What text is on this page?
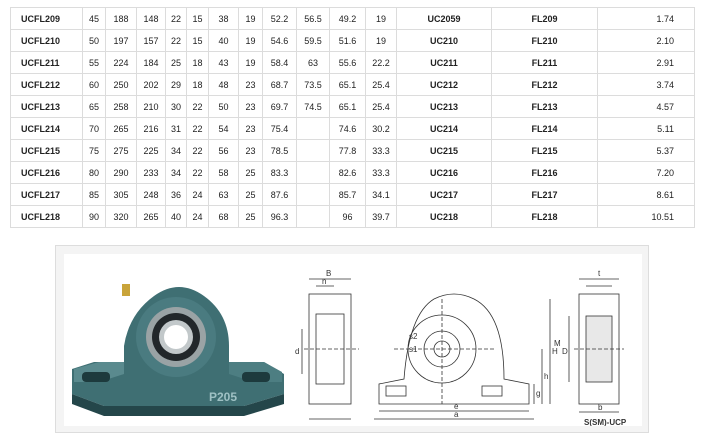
UCFL209	45	188	148	22	15	38	19	52.2	56.5	49.2	19	UC2059	FL209	1.74
UCFL210	50	197	157	22	15	40	19	54.6	59.5	51.6	19	UC210	FL210	2.10
UCFL211	55	224	184	25	18	43	19	58.4	63	55.6	22.2	UC211	FL211	2.91
UCFL212	60	250	202	29	18	48	23	68.7	73.5	65.1	25.4	UC212	FL212	3.74
UCFL213	65	258	210	30	22	50	23	69.7	74.5	65.1	25.4	UC213	FL213	4.57
UCFL214	70	265	216	31	22	54	23	75.4		74.6	30.2	UC214	FL214	5.11
UCFL215	75	275	225	34	22	56	23	78.5		77.8	33.3	UC215	FL215	5.37
UCFL216	80	290	233	34	22	58	25	83.3		82.6	33.3	UC216	FL216	7.20
UCFL217	85	305	248	36	24	63	25	87.6		85.7	34.1	UC217	FL217	8.61
UCFL218	90	320	265	40	24	68	25	96.3		96	39.7	UC218	FL218	10.51
P205
B
n
d
s2
s1
g
h
H D
M
e
a
t
b
S(SM)-UCP
